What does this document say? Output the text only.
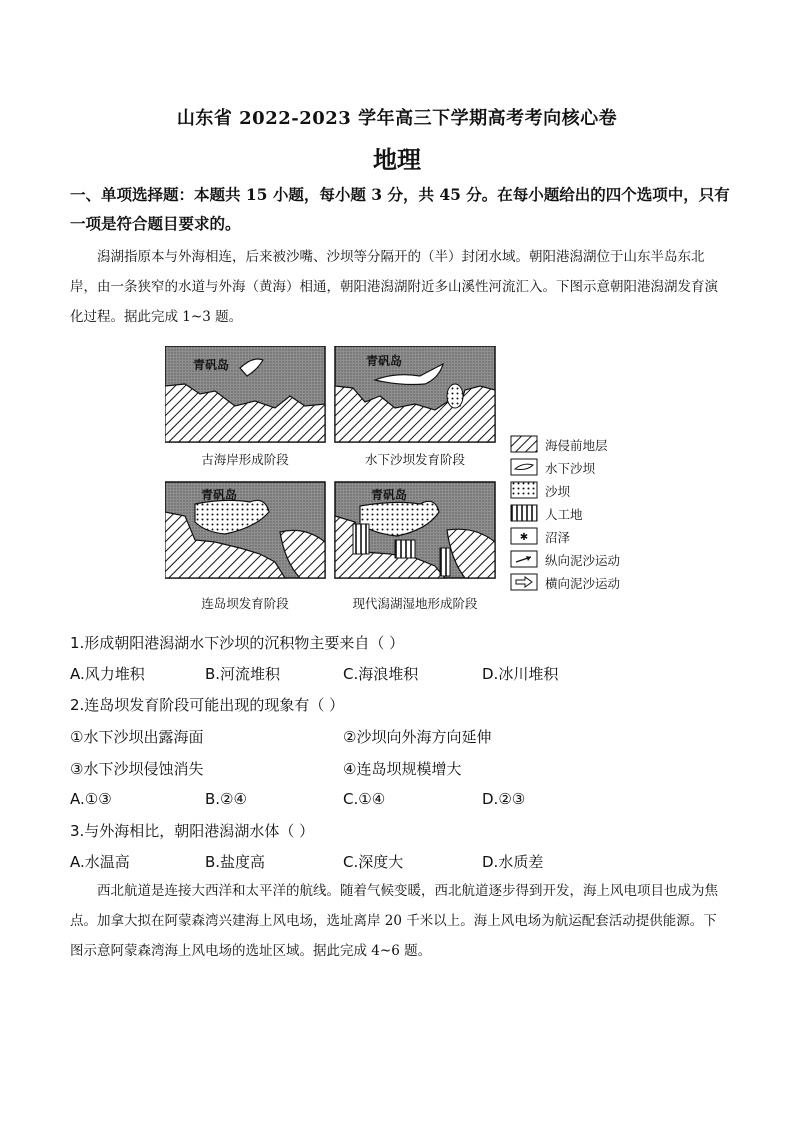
山东省 2022-2023 学年高三下学期高考考向核心卷
地理
一、单项选择题：本题共 15 小题，每小题 3 分，共 45 分。在每小题给出的四个选项中，只有一项是符合题目要求的。
潟湖指原本与外海相连，后来被沙嘴、沙坝等分隔开的（半）封闭水域。朝阳港潟湖位于山东半岛东北岸，由一条狭窄的水道与外海（黄海）相通，朝阳港潟湖附近多山溪性河流汇入。下图示意朝阳港潟湖发育演化过程。据此完成 1~3 题。
✱
青矾岛	青矾岛
青矾岛	青矾岛
古海岸形成阶段	水下沙坝发育阶段
连岛坝发育阶段	现代潟湖湿地形成阶段
海侵前地层
水下沙坝
沙坝
人工地
沼泽
纵向泥沙运动
横向泥沙运动
1.形成朝阳港潟湖水下沙坝的沉积物主要来自（ ）
A.风力堆积	B.河流堆积	C.海浪堆积	D.冰川堆积
2.连岛坝发育阶段可能出现的现象有（ ）
①水下沙坝出露海面	②沙坝向外海方向延伸
③水下沙坝侵蚀消失	④连岛坝规模增大
A.①③	B.②④	C.①④	D.②③
3.与外海相比，朝阳港潟湖水体（ ）
A.水温高	B.盐度高	C.深度大	D.水质差
西北航道是连接大西洋和太平洋的航线。随着气候变暖，西北航道逐步得到开发，海上风电项目也成为焦点。加拿大拟在阿蒙森湾兴建海上风电场，选址离岸 20 千米以上。海上风电场为航运配套活动提供能源。下图示意阿蒙森湾海上风电场的选址区域。据此完成 4~6 题。
